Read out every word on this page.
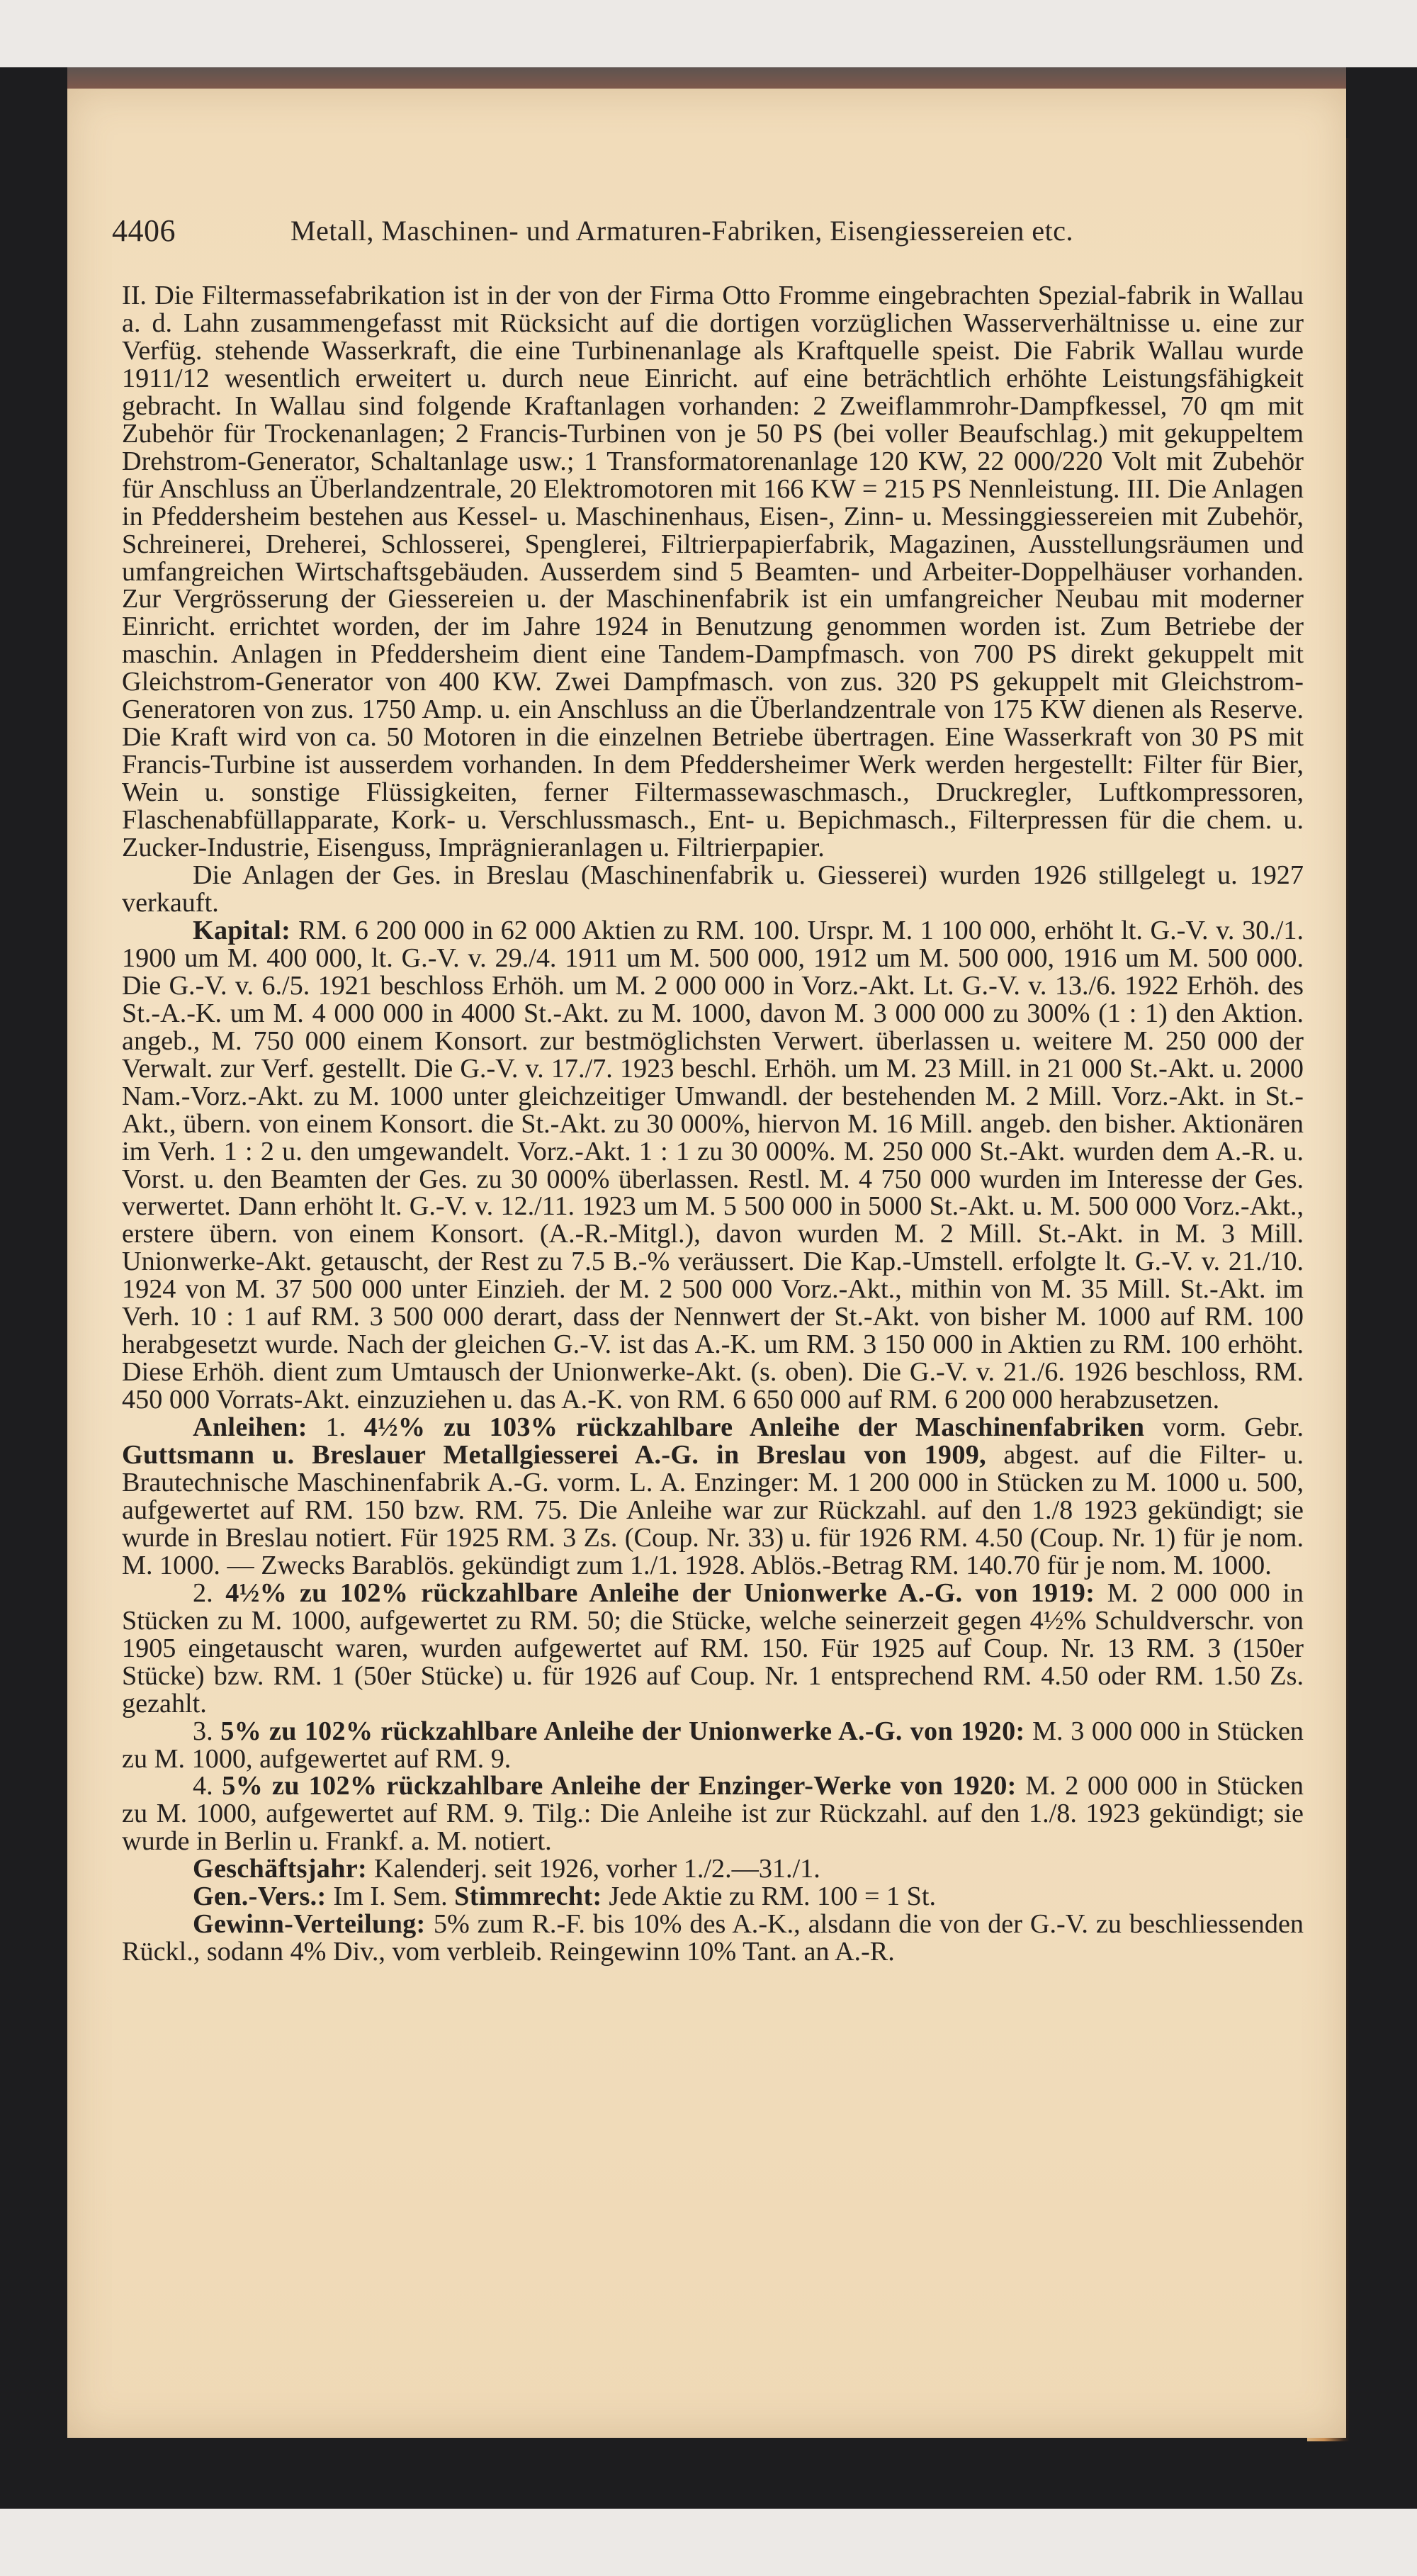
4406	Metall, Maschinen- und Armaturen-Fabriken, Eisengiessereien etc.

II. Die Filtermassefabrikation ist in der von der Firma Otto Fromme eingebrachten Spezial-fabrik in Wallau a. d. Lahn zusammengefasst mit Rücksicht auf die dortigen vorzüglichen Wasserverhältnisse u. eine zur Verfüg. stehende Wasserkraft, die eine Turbinenanlage als Kraftquelle speist. Die Fabrik Wallau wurde 1911/12 wesentlich erweitert u. durch neue Einricht. auf eine beträchtlich erhöhte Leistungsfähigkeit gebracht. In Wallau sind folgende Kraftanlagen vorhanden: 2 Zweiflammrohr-Dampfkessel, 70 qm mit Zubehör für Trockenanlagen; 2 Francis-Turbinen von je 50 PS (bei voller Beaufschlag.) mit gekuppeltem Drehstrom-Generator, Schaltanlage usw.; 1 Transformatorenanlage 120 KW, 22 000/220 Volt mit Zubehör für Anschluss an Überlandzentrale, 20 Elektromotoren mit 166 KW = 215 PS Nennleistung. III. Die Anlagen in Pfeddersheim bestehen aus Kessel- u. Maschinenhaus, Eisen-, Zinn- u. Messinggiessereien mit Zubehör, Schreinerei, Dreherei, Schlosserei, Spenglerei, Filtrierpapierfabrik, Magazinen, Ausstellungsräumen und umfangreichen Wirtschaftsgebäuden. Ausserdem sind 5 Beamten- und Arbeiter-Doppelhäuser vorhanden. Zur Vergrösserung der Giessereien u. der Maschinenfabrik ist ein umfangreicher Neubau mit moderner Einricht. errichtet worden, der im Jahre 1924 in Benutzung genommen worden ist. Zum Betriebe der maschin. Anlagen in Pfeddersheim dient eine Tandem-Dampfmasch. von 700 PS direkt gekuppelt mit Gleichstrom-Generator von 400 KW. Zwei Dampfmasch. von zus. 320 PS gekuppelt mit Gleichstrom-Generatoren von zus. 1750 Amp. u. ein Anschluss an die Überlandzentrale von 175 KW dienen als Reserve. Die Kraft wird von ca. 50 Motoren in die einzelnen Betriebe übertragen. Eine Wasserkraft von 30 PS mit Francis-Turbine ist ausserdem vorhanden. In dem Pfeddersheimer Werk werden hergestellt: Filter für Bier, Wein u. sonstige Flüssigkeiten, ferner Filtermassewaschmasch., Druckregler, Luftkompressoren, Flaschenabfüllapparate, Kork- u. Verschlussmasch., Ent- u. Bepichmasch., Filterpressen für die chem. u. Zucker-Industrie, Eisenguss, Imprägnieranlagen u. Filtrierpapier.

Die Anlagen der Ges. in Breslau (Maschinenfabrik u. Giesserei) wurden 1926 stillgelegt u. 1927 verkauft.

Kapital: RM. 6 200 000 in 62 000 Aktien zu RM. 100. Urspr. M. 1 100 000, erhöht lt. G.-V. v. 30./1. 1900 um M. 400 000, lt. G.-V. v. 29./4. 1911 um M. 500 000, 1912 um M. 500 000, 1916 um M. 500 000. Die G.-V. v. 6./5. 1921 beschloss Erhöh. um M. 2 000 000 in Vorz.-Akt. Lt. G.-V. v. 13./6. 1922 Erhöh. des St.-A.-K. um M. 4 000 000 in 4000 St.-Akt. zu M. 1000, davon M. 3 000 000 zu 300% (1 : 1) den Aktion. angeb., M. 750 000 einem Konsort. zur bestmöglichsten Verwert. überlassen u. weitere M. 250 000 der Verwalt. zur Verf. gestellt. Die G.-V. v. 17./7. 1923 beschl. Erhöh. um M. 23 Mill. in 21 000 St.-Akt. u. 2000 Nam.-Vorz.-Akt. zu M. 1000 unter gleichzeitiger Umwandl. der bestehenden M. 2 Mill. Vorz.-Akt. in St.-Akt., übern. von einem Konsort. die St.-Akt. zu 30 000%, hiervon M. 16 Mill. angeb. den bisher. Aktionären im Verh. 1 : 2 u. den umgewandelt. Vorz.-Akt. 1 : 1 zu 30 000%. M. 250 000 St.-Akt. wurden dem A.-R. u. Vorst. u. den Beamten der Ges. zu 30 000% überlassen. Restl. M. 4 750 000 wurden im Interesse der Ges. verwertet. Dann erhöht lt. G.-V. v. 12./11. 1923 um M. 5 500 000 in 5000 St.-Akt. u. M. 500 000 Vorz.-Akt., erstere übern. von einem Konsort. (A.-R.-Mitgl.), davon wurden M. 2 Mill. St.-Akt. in M. 3 Mill. Unionwerke-Akt. getauscht, der Rest zu 7.5 B.-% veräussert. Die Kap.-Umstell. erfolgte lt. G.-V. v. 21./10. 1924 von M. 37 500 000 unter Einzieh. der M. 2 500 000 Vorz.-Akt., mithin von M. 35 Mill. St.-Akt. im Verh. 10 : 1 auf RM. 3 500 000 derart, dass der Nennwert der St.-Akt. von bisher M. 1000 auf RM. 100 herabgesetzt wurde. Nach der gleichen G.-V. ist das A.-K. um RM. 3 150 000 in Aktien zu RM. 100 erhöht. Diese Erhöh. dient zum Umtausch der Unionwerke-Akt. (s. oben). Die G.-V. v. 21./6. 1926 beschloss, RM. 450 000 Vorrats-Akt. einzuziehen u. das A.-K. von RM. 6 650 000 auf RM. 6 200 000 herabzusetzen.

Anleihen: 1. 4½% zu 103% rückzahlbare Anleihe der Maschinenfabriken vorm. Gebr. Guttsmann u. Breslauer Metallgiesserei A.-G. in Breslau von 1909, abgest. auf die Filter- u. Brautechnische Maschinenfabrik A.-G. vorm. L. A. Enzinger: M. 1 200 000 in Stücken zu M. 1000 u. 500, aufgewertet auf RM. 150 bzw. RM. 75. Die Anleihe war zur Rückzahl. auf den 1./8 1923 gekündigt; sie wurde in Breslau notiert. Für 1925 RM. 3 Zs. (Coup. Nr. 33) u. für 1926 RM. 4.50 (Coup. Nr. 1) für je nom. M. 1000. — Zwecks Barablös. gekündigt zum 1./1. 1928. Ablös.-Betrag RM. 140.70 für je nom. M. 1000.

2. 4½% zu 102% rückzahlbare Anleihe der Unionwerke A.-G. von 1919: M. 2 000 000 in Stücken zu M. 1000, aufgewertet zu RM. 50; die Stücke, welche seinerzeit gegen 4½% Schuldverschr. von 1905 eingetauscht waren, wurden aufgewertet auf RM. 150. Für 1925 auf Coup. Nr. 13 RM. 3 (150er Stücke) bzw. RM. 1 (50er Stücke) u. für 1926 auf Coup. Nr. 1 entsprechend RM. 4.50 oder RM. 1.50 Zs. gezahlt.

3. 5% zu 102% rückzahlbare Anleihe der Unionwerke A.-G. von 1920: M. 3 000 000 in Stücken zu M. 1000, aufgewertet auf RM. 9.

4. 5% zu 102% rückzahlbare Anleihe der Enzinger-Werke von 1920: M. 2 000 000 in Stücken zu M. 1000, aufgewertet auf RM. 9. Tilg.: Die Anleihe ist zur Rückzahl. auf den 1./8. 1923 gekündigt; sie wurde in Berlin u. Frankf. a. M. notiert.

Geschäftsjahr: Kalenderj. seit 1926, vorher 1./2.—31./1.

Gen.-Vers.: Im I. Sem. Stimmrecht: Jede Aktie zu RM. 100 = 1 St.

Gewinn-Verteilung: 5% zum R.-F. bis 10% des A.-K., alsdann die von der G.-V. zu beschliessenden Rückl., sodann 4% Div., vom verbleib. Reingewinn 10% Tant. an A.-R.
